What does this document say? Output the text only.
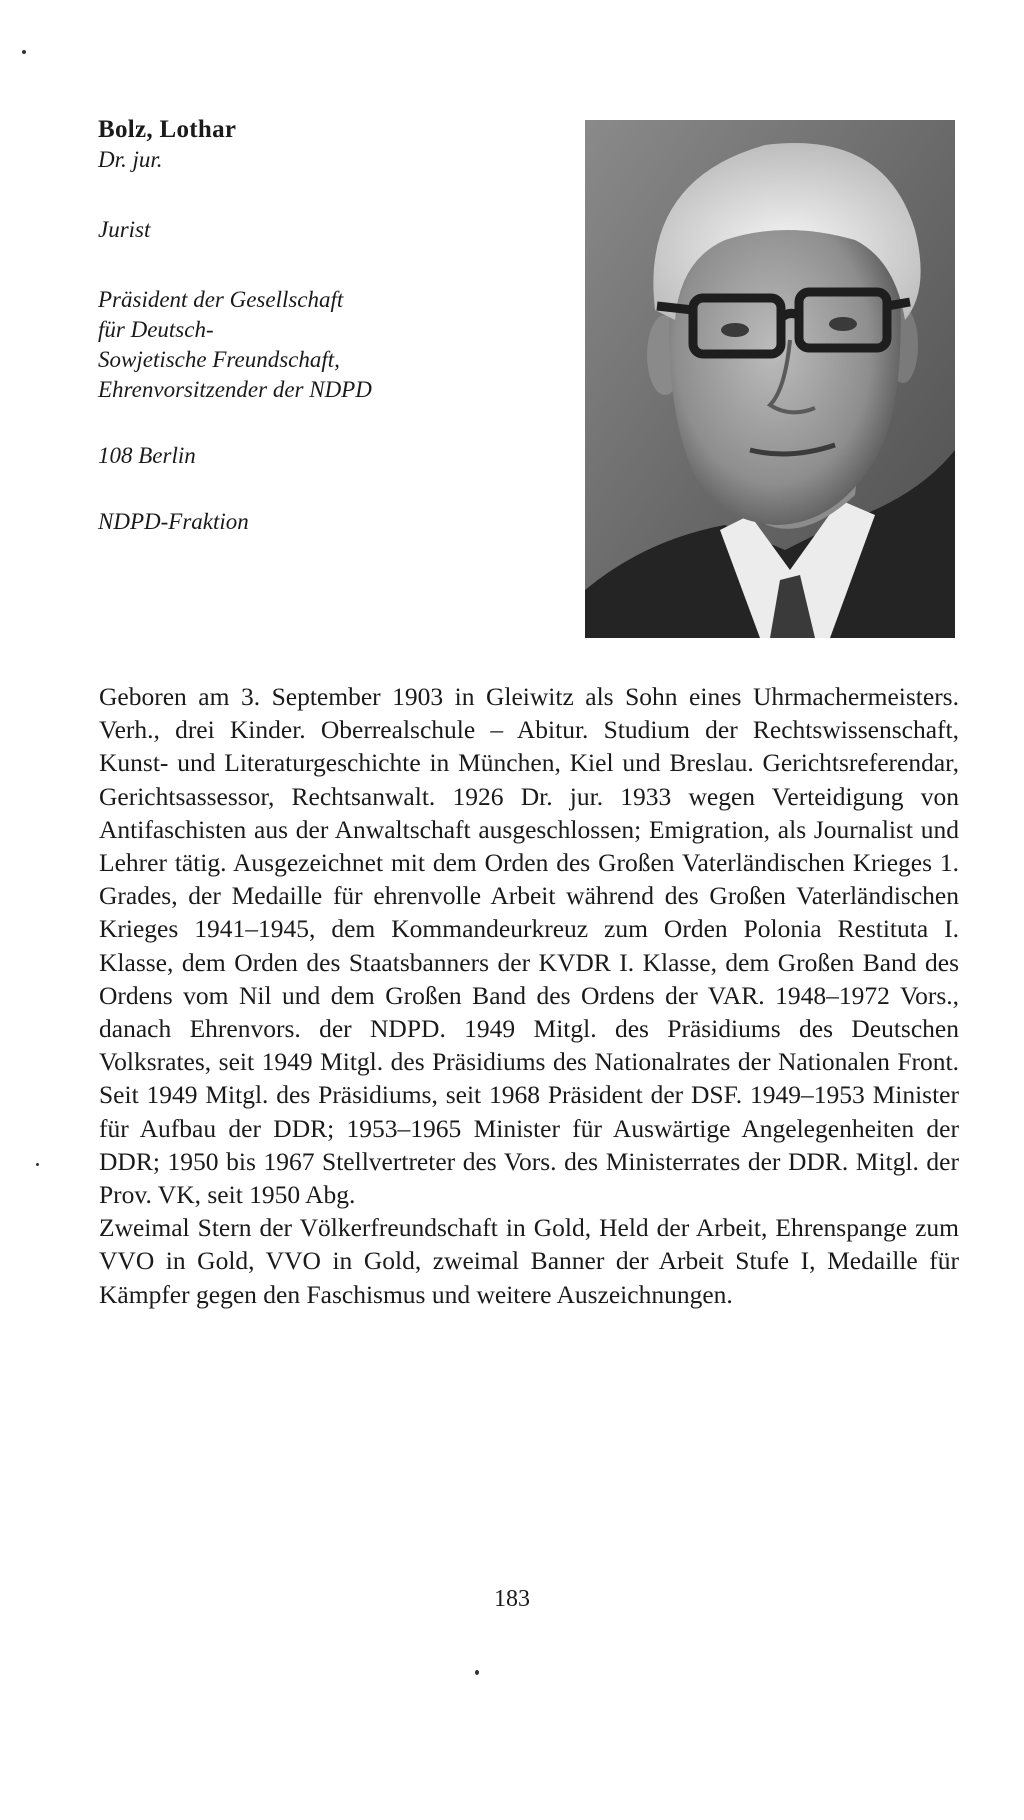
Bolz, Lothar

Dr. jur.

Jurist

Präsident der Gesellschaft
für Deutsch-
Sowjetische Freundschaft,
Ehrenvorsitzender der NDPD

108 Berlin

NDPD-Fraktion

Geboren am 3. September 1903 in Gleiwitz als Sohn eines Uhrmachermeisters. Verh., drei Kinder. Oberrealschule – Abitur. Studium der Rechtswissenschaft, Kunst- und Literaturgeschichte in München, Kiel und Breslau. Gerichtsreferendar, Gerichtsassessor, Rechtsanwalt. 1926 Dr. jur. 1933 wegen Verteidigung von Antifaschisten aus der Anwaltschaft ausgeschlossen; Emigration, als Journalist und Lehrer tätig. Ausgezeichnet mit dem Orden des Großen Vaterländischen Krieges 1. Grades, der Medaille für ehrenvolle Arbeit während des Großen Vaterländischen Krieges 1941–1945, dem Kommandeurkreuz zum Orden Polonia Restituta I. Klasse, dem Orden des Staatsbanners der KVDR I. Klasse, dem Großen Band des Ordens vom Nil und dem Großen Band des Ordens der VAR. 1948–1972 Vors., danach Ehrenvors. der NDPD. 1949 Mitgl. des Präsidiums des Deutschen Volksrates, seit 1949 Mitgl. des Präsidiums des Nationalrates der Nationalen Front. Seit 1949 Mitgl. des Präsidiums, seit 1968 Präsident der DSF. 1949–1953 Minister für Aufbau der DDR; 1953–1965 Minister für Auswärtige Angelegenheiten der DDR; 1950 bis 1967 Stellvertreter des Vors. des Ministerrates der DDR. Mitgl. der Prov. VK, seit 1950 Abg.

Zweimal Stern der Völkerfreundschaft in Gold, Held der Arbeit, Ehrenspange zum VVO in Gold, VVO in Gold, zweimal Banner der Arbeit Stufe I, Medaille für Kämpfer gegen den Faschismus und weitere Auszeichnungen.

183
